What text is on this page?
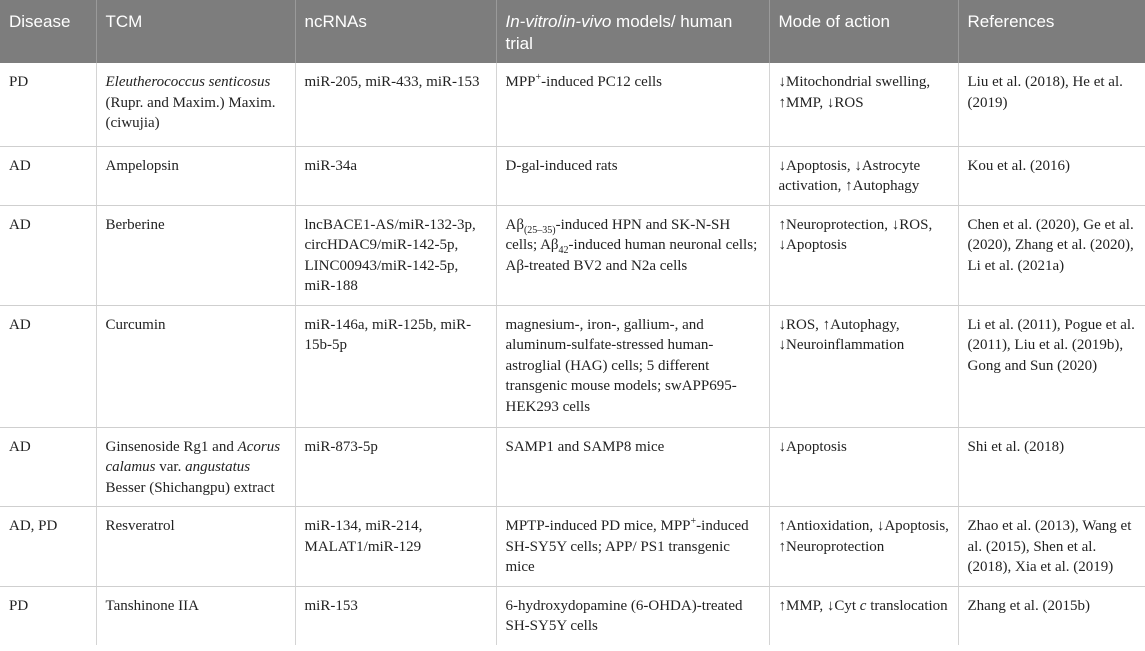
Disease	TCM	ncRNAs	In-vitro/in-vivo models/ human trial	Mode of action	References
PD	Eleutherococcus senticosus (Rupr. and Maxim.) Maxim. (ciwujia)	miR-205, miR-433, miR-153	MPP+-induced PC12 cells	↓Mitochondrial swelling, ↑MMP, ↓ROS	Liu et al. (2018), He et al. (2019)
AD	Ampelopsin	miR-34a	D-gal-induced rats	↓Apoptosis, ↓Astrocyte activation, ↑Autophagy	Kou et al. (2016)
AD	Berberine	lncBACE1-AS/miR-132-3p, circHDAC9/miR-142-5p, LINC00943/miR-142-5p, miR-188	$A\beta_{(25-35)}$-induced HPN and SK-N-SH cells; $A\beta_{42}$-induced human neuronal cells; Aβ-treated BV2 and N2a cells	↑Neuroprotection, ↓ROS, ↓Apoptosis	Chen et al. (2020), Ge et al. (2020), Zhang et al. (2020), Li et al. (2021a)
AD	Curcumin	miR-146a, miR-125b, miR-15b-5p	magnesium-, iron-, gallium-, and aluminum-sulfate-stressed human-astroglial (HAG) cells; 5 different transgenic mouse models; swAPP695-HEK293 cells	↓ROS, ↑Autophagy, ↓Neuroinflammation	Li et al. (2011), Pogue et al. (2011), Liu et al. (2019b), Gong and Sun (2020)
AD	Ginsenoside Rg1 and Acorus calamus var. angustatus Besser (Shichangpu) extract	miR-873-5p	SAMP1 and SAMP8 mice	↓Apoptosis	Shi et al. (2018)
AD, PD	Resveratrol	miR-134, miR-214, MALAT1/miR-129	MPTP-induced PD mice, MPP+-induced SH-SY5Y cells; APP/ PS1 transgenic mice	↑Antioxidation, ↓Apoptosis, ↑Neuroprotection	Zhao et al. (2013), Wang et al. (2015), Shen et al. (2018), Xia et al. (2019)
PD	Tanshinone IIA	miR-153	6-hydroxydopamine (6-OHDA)-treated SH-SY5Y cells	↑MMP, ↓Cyt c translocation	Zhang et al. (2015b)
